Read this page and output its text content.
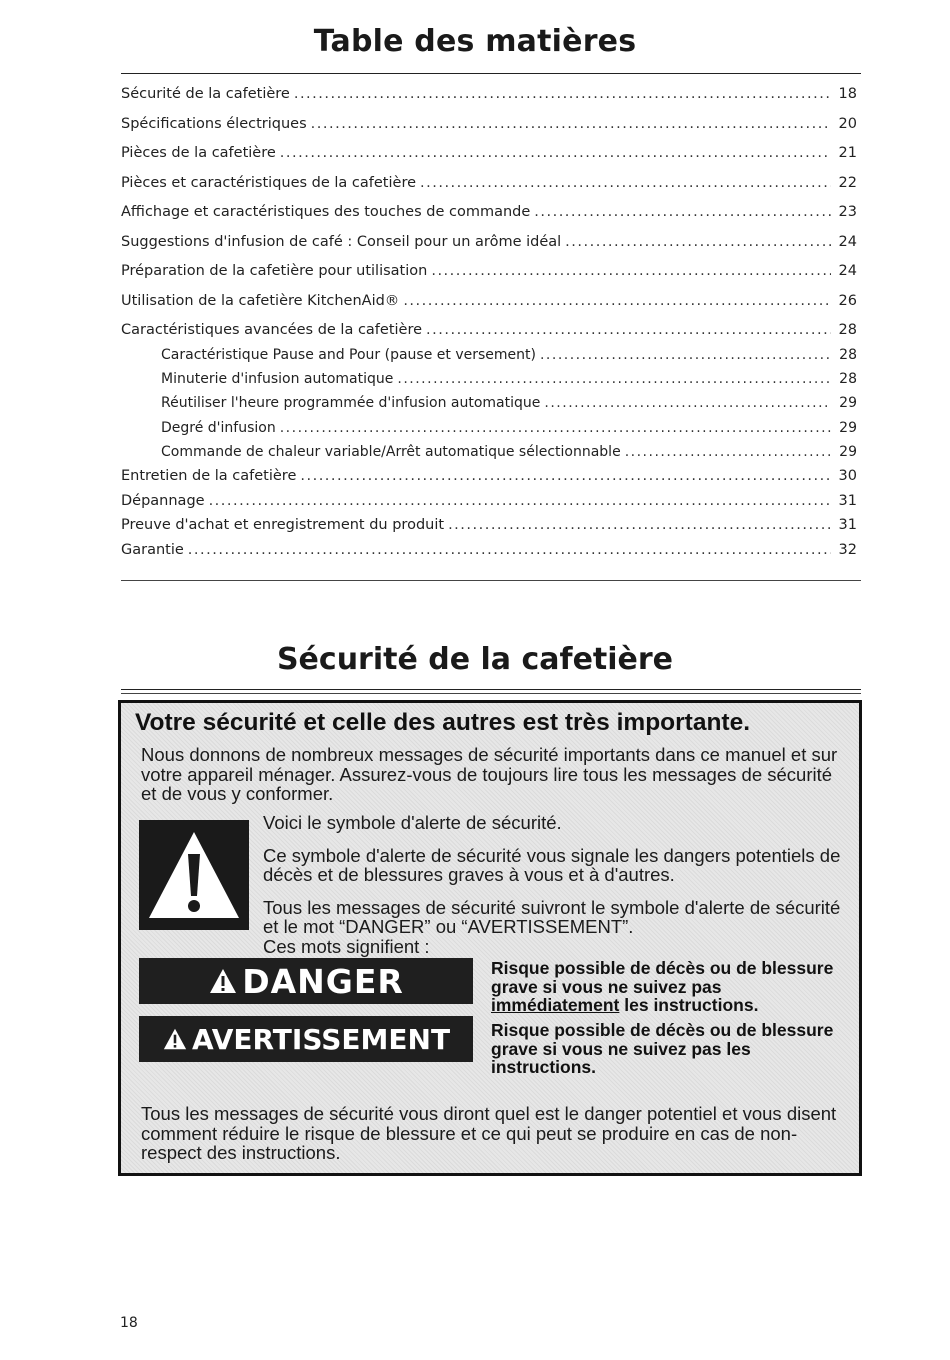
Table des matières
Sécurité de la cafetière .....	18
Spécifications électriques .....	20
Pièces de la cafetière .....	21
Pièces et caractéristiques de la cafetière .....	22
Affichage et caractéristiques des touches de commande .....	23
Suggestions d'infusion de café : Conseil pour un arôme idéal .....	24
Préparation de la cafetière pour utilisation .....	24
Utilisation de la cafetière KitchenAid® .....	26
Caractéristiques avancées de la cafetière .....	28
Caractéristique Pause and Pour (pause et versement) .....	28
Minuterie d'infusion automatique .....	28
Réutiliser l'heure programmée d'infusion automatique .....	29
Degré d'infusion .....	29
Commande de chaleur variable/Arrêt automatique sélectionnable .....	29
Entretien de la cafetière .....	30
Dépannage .....	31
Preuve d'achat et enregistrement du produit .....	31
Garantie .....	32
Sécurité de la cafetière
Votre sécurité et celle des autres est très importante.

Nous donnons de nombreux messages de sécurité importants dans ce manuel et sur votre appareil ménager. Assurez-vous de toujours lire tous les messages de sécurité et de vous y conformer.

Voici le symbole d'alerte de sécurité.

Ce symbole d'alerte de sécurité vous signale les dangers potentiels de décès et de blessures graves à vous et à d'autres.

Tous les messages de sécurité suivront le symbole d'alerte de sécurité et le mot “DANGER” ou “AVERTISSEMENT”.

Ces mots signifient :

DANGER	Risque possible de décès ou de blessure grave si vous ne suivez pas
immédiatement les instructions.
AVERTISSEMENT Risque possible de décès ou de blessure grave si vous ne suivez pas les instructions.

Tous les messages de sécurité vous diront quel est le danger potentiel et vous disent comment réduire le risque de blessure et ce qui peut se produire en cas de non-respect des instructions.

18
